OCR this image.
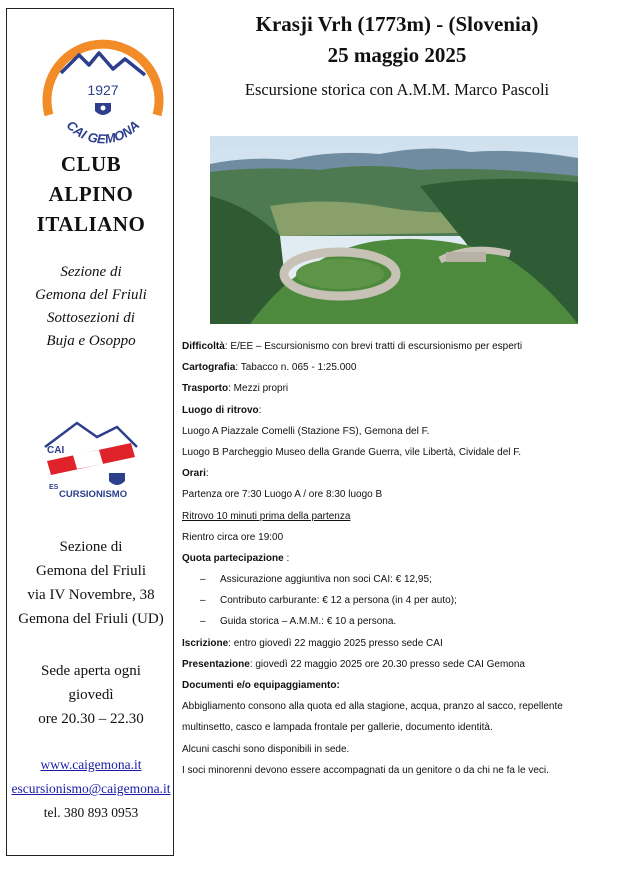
1927
CAI GEMONA
CLUB
ALPINO
ITALIANO
Sezione di
Gemona del Friuli
Sottosezioni di
Buja e Osoppo
CAI
ES
CURSIONISMO
Sezione di
Gemona del Friuli
via IV Novembre, 38
Gemona del Friuli (UD)
Sede aperta ogni
giovedì
ore 20.30 – 22.30
www.caigemona.it
escursionismo@caigemona.it
tel. 380 893 0953
Krasji Vrh (1773m) - (Slovenia)
25 maggio 2025
Escursione storica con A.M.M. Marco Pascoli
Difficoltà: E/EE – Escursionismo con brevi tratti di escursionismo per esperti
Cartografia: Tabacco n. 065 - 1:25.000
Trasporto: Mezzi propri
Luogo di ritrovo:
Luogo A Piazzale Comelli (Stazione FS), Gemona del F.
Luogo B Parcheggio Museo della Grande Guerra, vile Libertà, Cividale del F.
Orari:
Partenza ore 7:30 Luogo A / ore 8:30 luogo B
Ritrovo 10 minuti prima della partenza
Rientro circa ore 19:00
Quota partecipazione :
– Assicurazione aggiuntiva non soci CAI: € 12,95;
– Contributo carburante: € 12 a persona (in 4 per auto);
– Guida storica – A.M.M.: € 10 a persona.
Iscrizione: entro giovedì 22 maggio 2025 presso sede CAI
Presentazione: giovedì 22 maggio 2025 ore 20.30 presso sede CAI Gemona
Documenti e/o equipaggiamento:
Abbigliamento consono alla quota ed alla stagione, acqua, pranzo al sacco, repellente
multinsetto, casco e lampada frontale per gallerie, documento identità.
Alcuni caschi sono disponibili in sede.
I soci minorenni devono essere accompagnati da un genitore o da chi ne fa le veci.
